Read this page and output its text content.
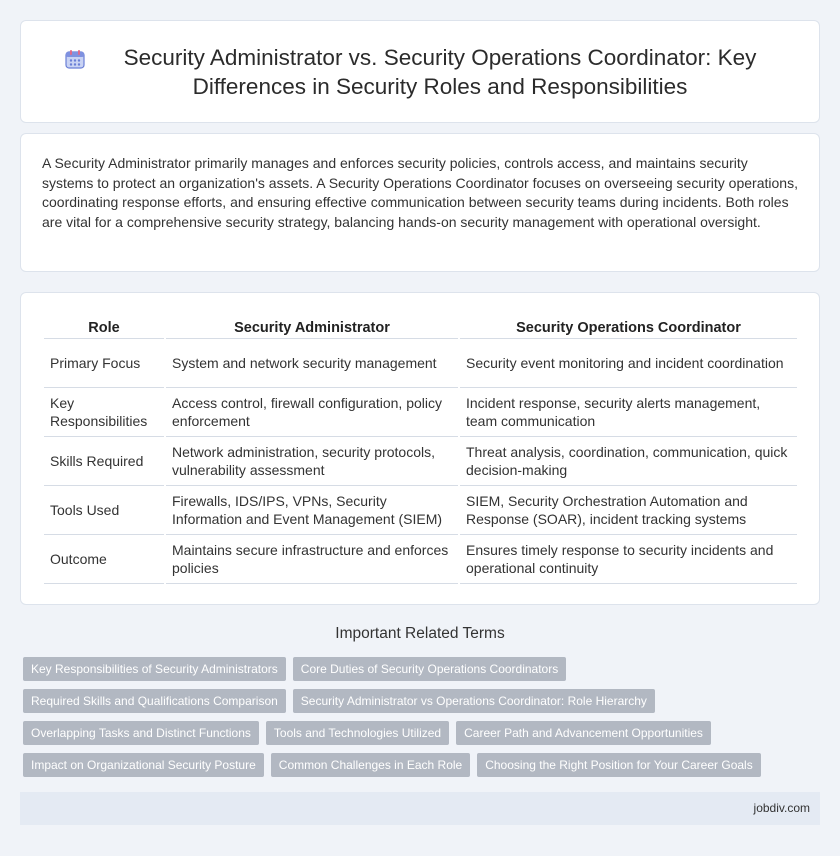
Security Administrator vs. Security Operations Coordinator: Key Differences in Security Roles and Responsibilities

A Security Administrator primarily manages and enforces security policies, controls access, and maintains security systems to protect an organization's assets. A Security Operations Coordinator focuses on overseeing security operations, coordinating response efforts, and ensuring effective communication between security teams during incidents. Both roles are vital for a comprehensive security strategy, balancing hands-on security management with operational oversight.

Role	Security Administrator	Security Operations Coordinator
Primary Focus	System and network security management	Security event monitoring and incident coordination
Key Responsibilities	Access control, firewall configuration, policy enforcement	Incident response, security alerts management, team communication
Skills Required	Network administration, security protocols, vulnerability assessment	Threat analysis, coordination, communication, quick decision-making
Tools Used	Firewalls, IDS/IPS, VPNs, Security Information and Event Management (SIEM)	SIEM, Security Orchestration Automation and Response (SOAR), incident tracking systems
Outcome	Maintains secure infrastructure and enforces policies	Ensures timely response to security incidents and operational continuity
Important Related Terms
Key Responsibilities of Security Administrators	Core Duties of Security Operations Coordinators
Required Skills and Qualifications Comparison	Security Administrator vs Operations Coordinator: Role Hierarchy
Overlapping Tasks and Distinct Functions	Tools and Technologies Utilized	Career Path and Advancement Opportunities
Impact on Organizational Security Posture	Common Challenges in Each Role	Choosing the Right Position for Your Career Goals
jobdiv.com
